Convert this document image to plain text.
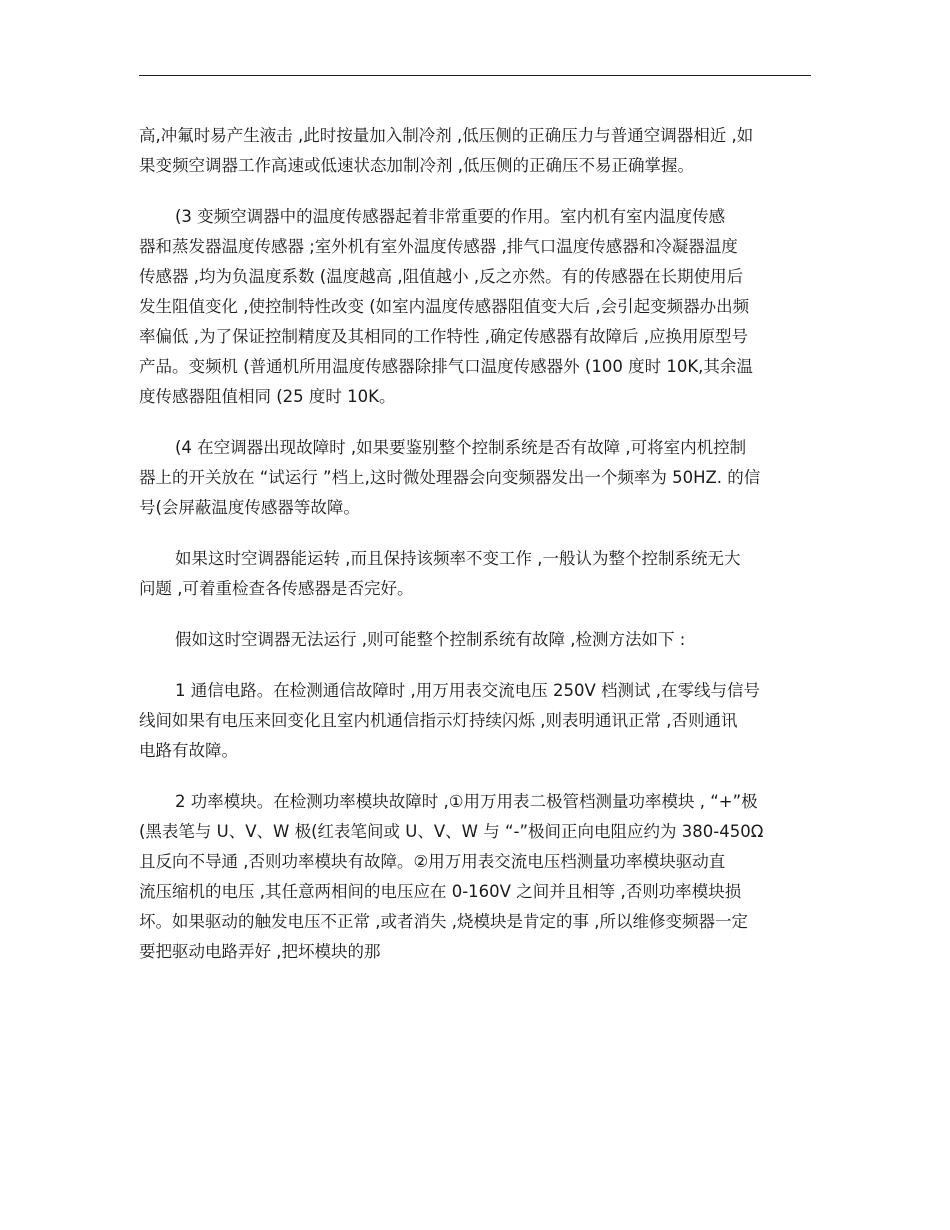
高,冲氟时易产生液击 ,此时按量加入制冷剂 ,低压侧的正确压力与普通空调器相近 ,如
果变频空调器工作高速或低速状态加制冷剂 ,低压侧的正确压不易正确掌握。
(3 变频空调器中的温度传感器起着非常重要的作用。室内机有室内温度传感
器和蒸发器温度传感器 ;室外机有室外温度传感器 ,排气口温度传感器和冷凝器温度
传感器 ,均为负温度系数 (温度越高 ,阻值越小 ,反之亦然。有的传感器在长期使用后
发生阻值变化 ,使控制特性改变 (如室内温度传感器阻值变大后 ,会引起变频器办出频
率偏低 ,为了保证控制精度及其相同的工作特性 ,确定传感器有故障后 ,应换用原型号
产品。变频机 (普通机所用温度传感器除排气口温度传感器外 (100 度时 10K,其余温
度传感器阻值相同 (25 度时 10K。
(4 在空调器出现故障时 ,如果要鉴别整个控制系统是否有故障 ,可将室内机控制
器上的开关放在 “试运行 ”档上,这时微处理器会向变频器发出一个频率为 50HZ. 的信
号(会屏蔽温度传感器等故障。
如果这时空调器能运转 ,而且保持该频率不变工作 ,一般认为整个控制系统无大
问题 ,可着重检查各传感器是否完好。
假如这时空调器无法运行 ,则可能整个控制系统有故障 ,检测方法如下 :
1 通信电路。在检测通信故障时 ,用万用表交流电压 250V 档测试 ,在零线与信号
线间如果有电压来回变化且室内机通信指示灯持续闪烁 ,则表明通讯正常 ,否则通讯
电路有故障。
2 功率模块。在检测功率模块故障时 ,①用万用表二极管档测量功率模块 , “+”极
(黑表笔与 U、V、W 极(红表笔间或 U、V、W 与 “-”极间正向电阻应约为 380-450Ω
且反向不导通 ,否则功率模块有故障。②用万用表交流电压档测量功率模块驱动直
流压缩机的电压 ,其任意两相间的电压应在 0-160V 之间并且相等 ,否则功率模块损
坏。如果驱动的触发电压不正常 ,或者消失 ,烧模块是肯定的事 ,所以维修变频器一定
要把驱动电路弄好 ,把坏模块的那
